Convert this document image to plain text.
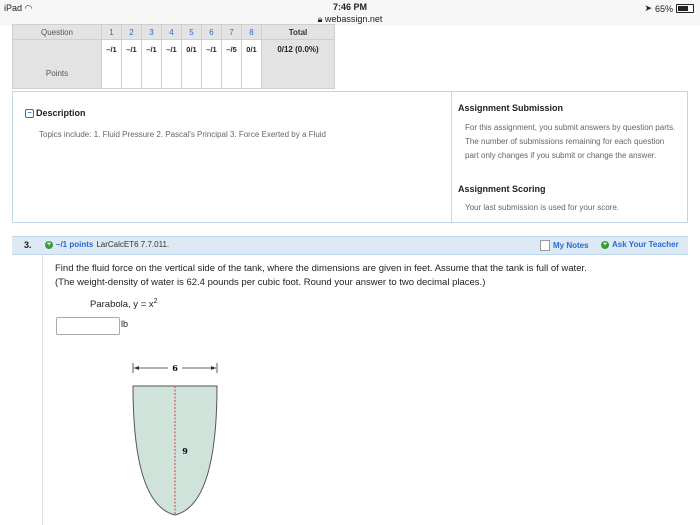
iPad ◠	7:46 PM
🔒︎ webassign.net
➤ 65%
Question	1	2	3	4	5	6	7	8	Total
Points	–/1	–/1	–/1	–/1	0/1	–/1	–/5	0/1	0/12 (0.0%)
− Description
Topics include: 1. Fluid Pressure 2. Pascal's Principal 3. Force Exerted by a Fluid
Assignment Submission
For this assignment, you submit answers by question parts. The number of submissions remaining for each question part only changes if you submit or change the answer.
Assignment Scoring
Your last submission is used for your score.
3. + –/1 points LarCalcET6 7.7.011.	My Notes + Ask Your Teacher
Find the fluid force on the vertical side of the tank, where the dimensions are given in feet. Assume that the tank is full of water.
(The weight-density of water is 62.4 pounds per cubic foot. Round your answer to two decimal places.)
Parabola, $y = x^2$
lb
6
9
